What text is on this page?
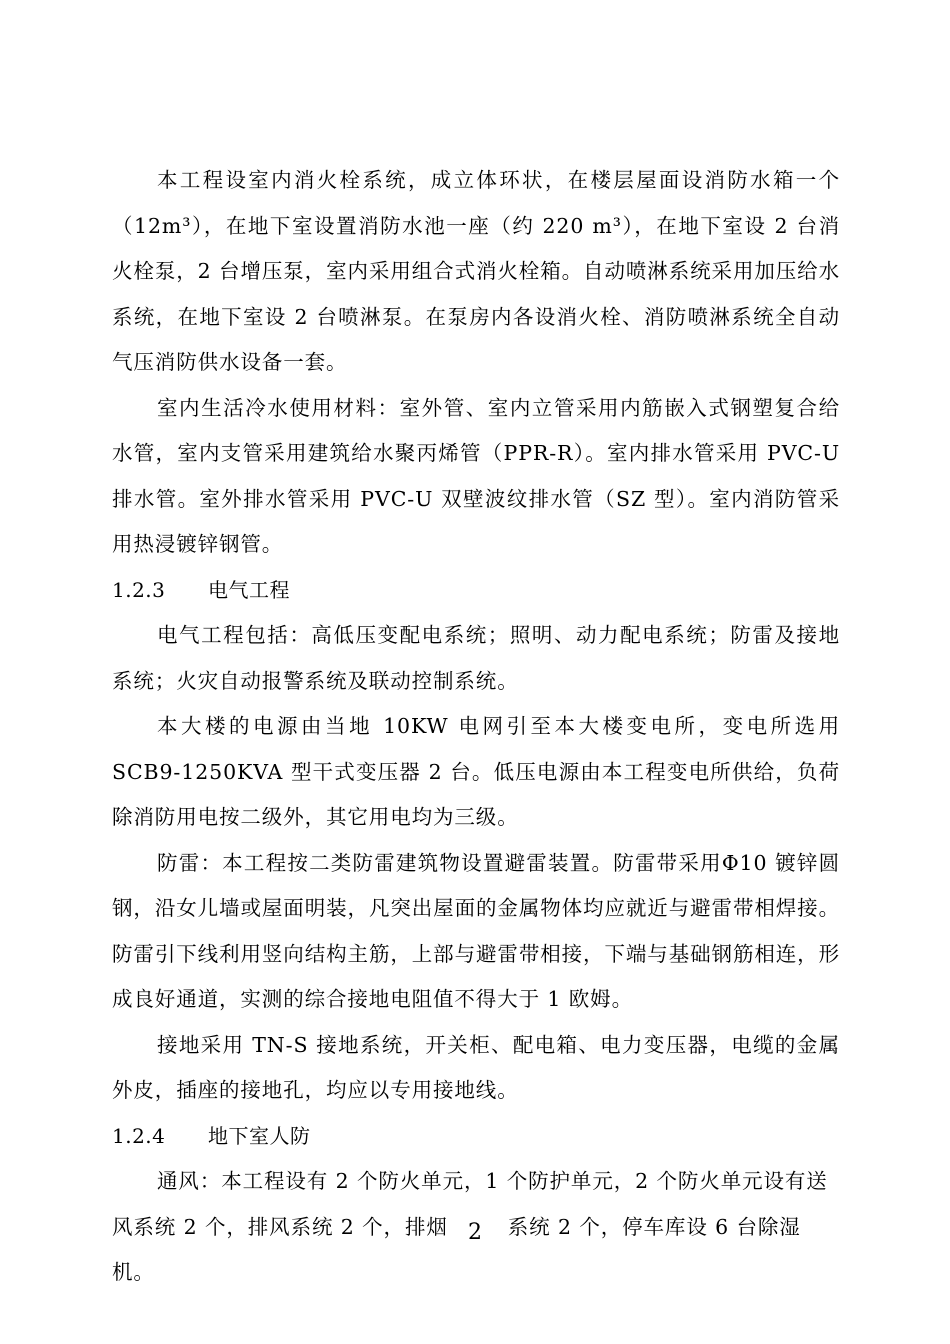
本工程设室内消火栓系统，成立体环状，在楼层屋面设消防水箱一个（12m³），在地下室设置消防水池一座（约 220 m³），在地下室设 2 台消火栓泵，2 台增压泵，室内采用组合式消火栓箱。自动喷淋系统采用加压给水系统，在地下室设 2 台喷淋泵。在泵房内各设消火栓、消防喷淋系统全自动气压消防供水设备一套。

室内生活冷水使用材料：室外管、室内立管采用内筋嵌入式钢塑复合给水管，室内支管采用建筑给水聚丙烯管（PPR-R）。室内排水管采用 PVC-U 排水管。室外排水管采用 PVC-U 双壁波纹排水管（SZ 型）。室内消防管采用热浸镀锌钢管。

1.2.3 电气工程

电气工程包括：高低压变配电系统；照明、动力配电系统；防雷及接地系统；火灾自动报警系统及联动控制系统。

本大楼的电源由当地 10KW 电网引至本大楼变电所，变电所选用 SCB9-1250KVA 型干式变压器 2 台。低压电源由本工程变电所供给，负荷除消防用电按二级外，其它用电均为三级。

防雷：本工程按二类防雷建筑物设置避雷装置。防雷带采用Φ10 镀锌圆钢，沿女儿墙或屋面明装，凡突出屋面的金属物体均应就近与避雷带相焊接。防雷引下线利用竖向结构主筋，上部与避雷带相接，下端与基础钢筋相连，形成良好通道，实测的综合接地电阻值不得大于 1 欧姆。

接地采用 TN-S 接地系统，开关柜、配电箱、电力变压器，电缆的金属外皮，插座的接地孔，均应以专用接地线。

1.2.4 地下室人防

通风：本工程设有 2 个防火单元，1 个防护单元，2 个防火单元设有送风系统 2 个，排风系统 2 个，排烟	系统 2 个，停车库设 6 台除湿机。

2
